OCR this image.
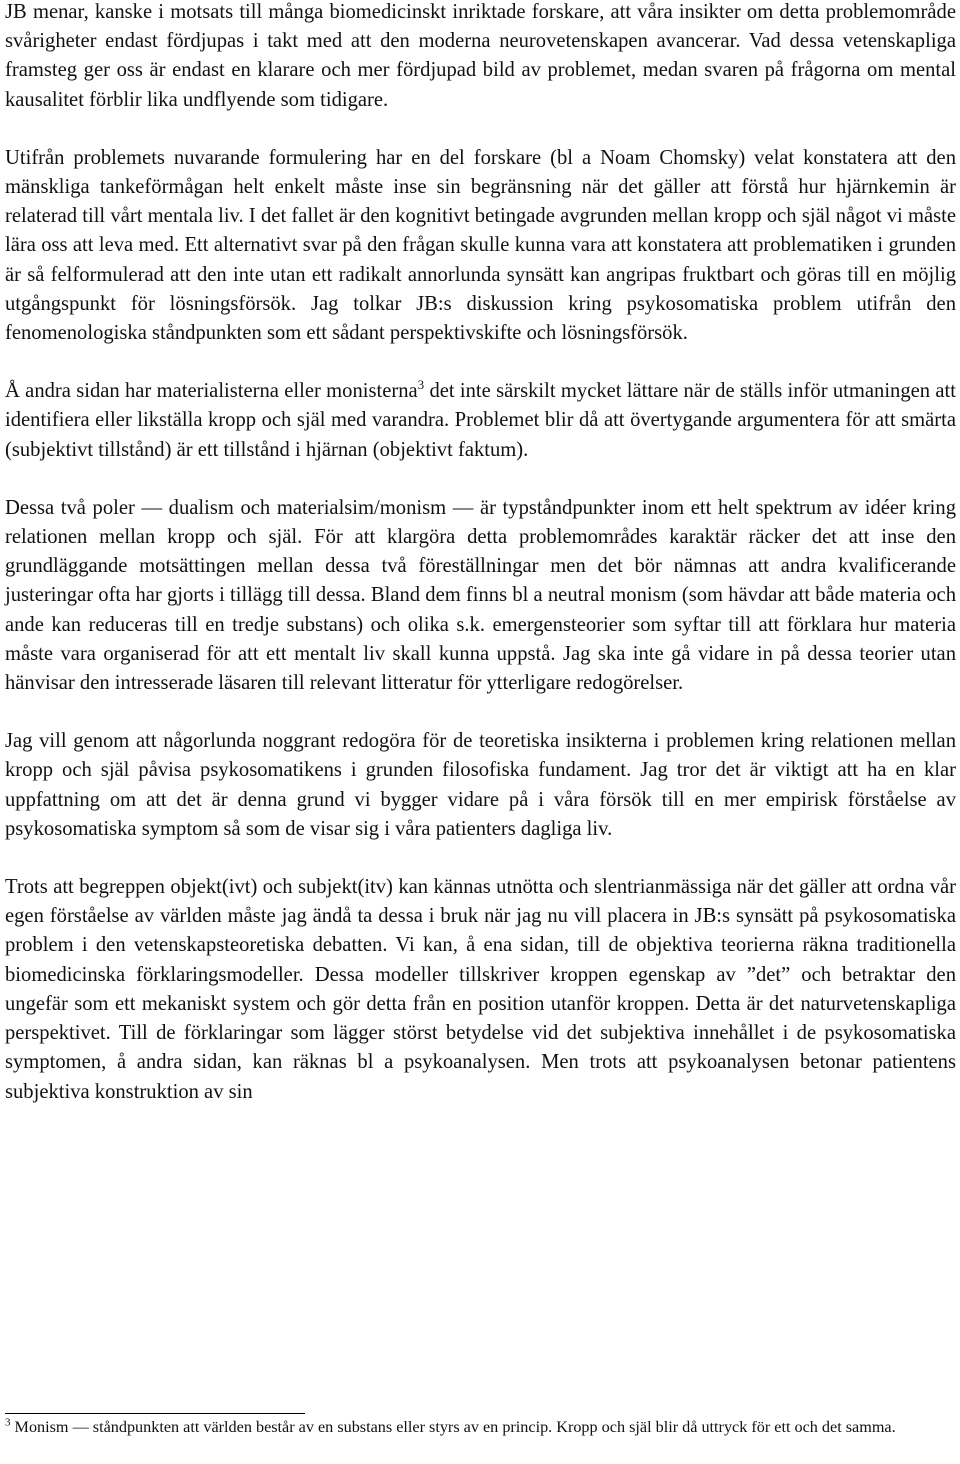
JB menar, kanske i motsats till många biomedicinskt inriktade forskare, att våra insikter om detta problemområde svårigheter endast fördjupas i takt med att den moderna neurovetenskapen avancerar. Vad dessa vetenskapliga framsteg ger oss är endast en klarare och mer fördjupad bild av problemet, medan svaren på frågorna om mental kausalitet förblir lika undflyende som tidigare.

Utifrån problemets nuvarande formulering har en del forskare (bl a Noam Chomsky) velat konstatera att den mänskliga tankeförmågan helt enkelt måste inse sin begränsning när det gäller att förstå hur hjärnkemin är relaterad till vårt mentala liv. I det fallet är den kognitivt betingade avgrunden mellan kropp och själ något vi måste lära oss att leva med. Ett alternativt svar på den frågan skulle kunna vara att konstatera att problematiken i grunden är så felformulerad att den inte utan ett radikalt annorlunda synsätt kan angripas fruktbart och göras till en möjlig utgångspunkt för lösningsförsök. Jag tolkar JB:s diskussion kring psykosomatiska problem utifrån den fenomenologiska ståndpunkten som ett sådant perspektivskifte och lösningsförsök.

Å andra sidan har materialisterna eller monisterna$^3$ det inte särskilt mycket lättare när de ställs inför utmaningen att identifiera eller likställa kropp och själ med varandra. Problemet blir då att övertygande argumentera för att smärta (subjektivt tillstånd) är ett tillstånd i hjärnan (objektivt faktum).

Dessa två poler — dualism och materialsim/monism — är typståndpunkter inom ett helt spektrum av idéer kring relationen mellan kropp och själ. För att klargöra detta problemområdes karaktär räcker det att inse den grundläggande motsättingen mellan dessa två föreställningar men det bör nämnas att andra kvalificerande justeringar ofta har gjorts i tillägg till dessa. Bland dem finns bl a neutral monism (som hävdar att både materia och ande kan reduceras till en tredje substans) och olika s.k. emergensteorier som syftar till att förklara hur materia måste vara organiserad för att ett mentalt liv skall kunna uppstå. Jag ska inte gå vidare in på dessa teorier utan hänvisar den intresserade läsaren till relevant litteratur för ytterligare redogörelser.

Jag vill genom att någorlunda noggrant redogöra för de teoretiska insikterna i problemen kring relationen mellan kropp och själ påvisa psykosomatikens i grunden filosofiska fundament. Jag tror det är viktigt att ha en klar uppfattning om att det är denna grund vi bygger vidare på i våra försök till en mer empirisk förståelse av psykosomatiska symptom så som de visar sig i våra patienters dagliga liv.

Trots att begreppen objekt(ivt) och subjekt(itv) kan kännas utnötta och slentrianmässiga när det gäller att ordna vår egen förståelse av världen måste jag ändå ta dessa i bruk när jag nu vill placera in JB:s synsätt på psykosomatiska problem i den vetenskapsteoretiska debatten. Vi kan, å ena sidan, till de objektiva teorierna räkna traditionella biomedicinska förklaringsmodeller. Dessa modeller tillskriver kroppen egenskap av ”det” och betraktar den ungefär som ett mekaniskt system och gör detta från en position utanför kroppen. Detta är det naturvetenskapliga perspektivet. Till de förklaringar som lägger störst betydelse vid det subjektiva innehållet i de psykosomatiska symptomen, å andra sidan, kan räknas bl a psykoanalysen. Men trots att psykoanalysen betonar patientens subjektiva konstruktion av sin

$^3$ Monism — ståndpunkten att världen består av en substans eller styrs av en princip. Kropp och själ blir då uttryck för ett och det samma.
